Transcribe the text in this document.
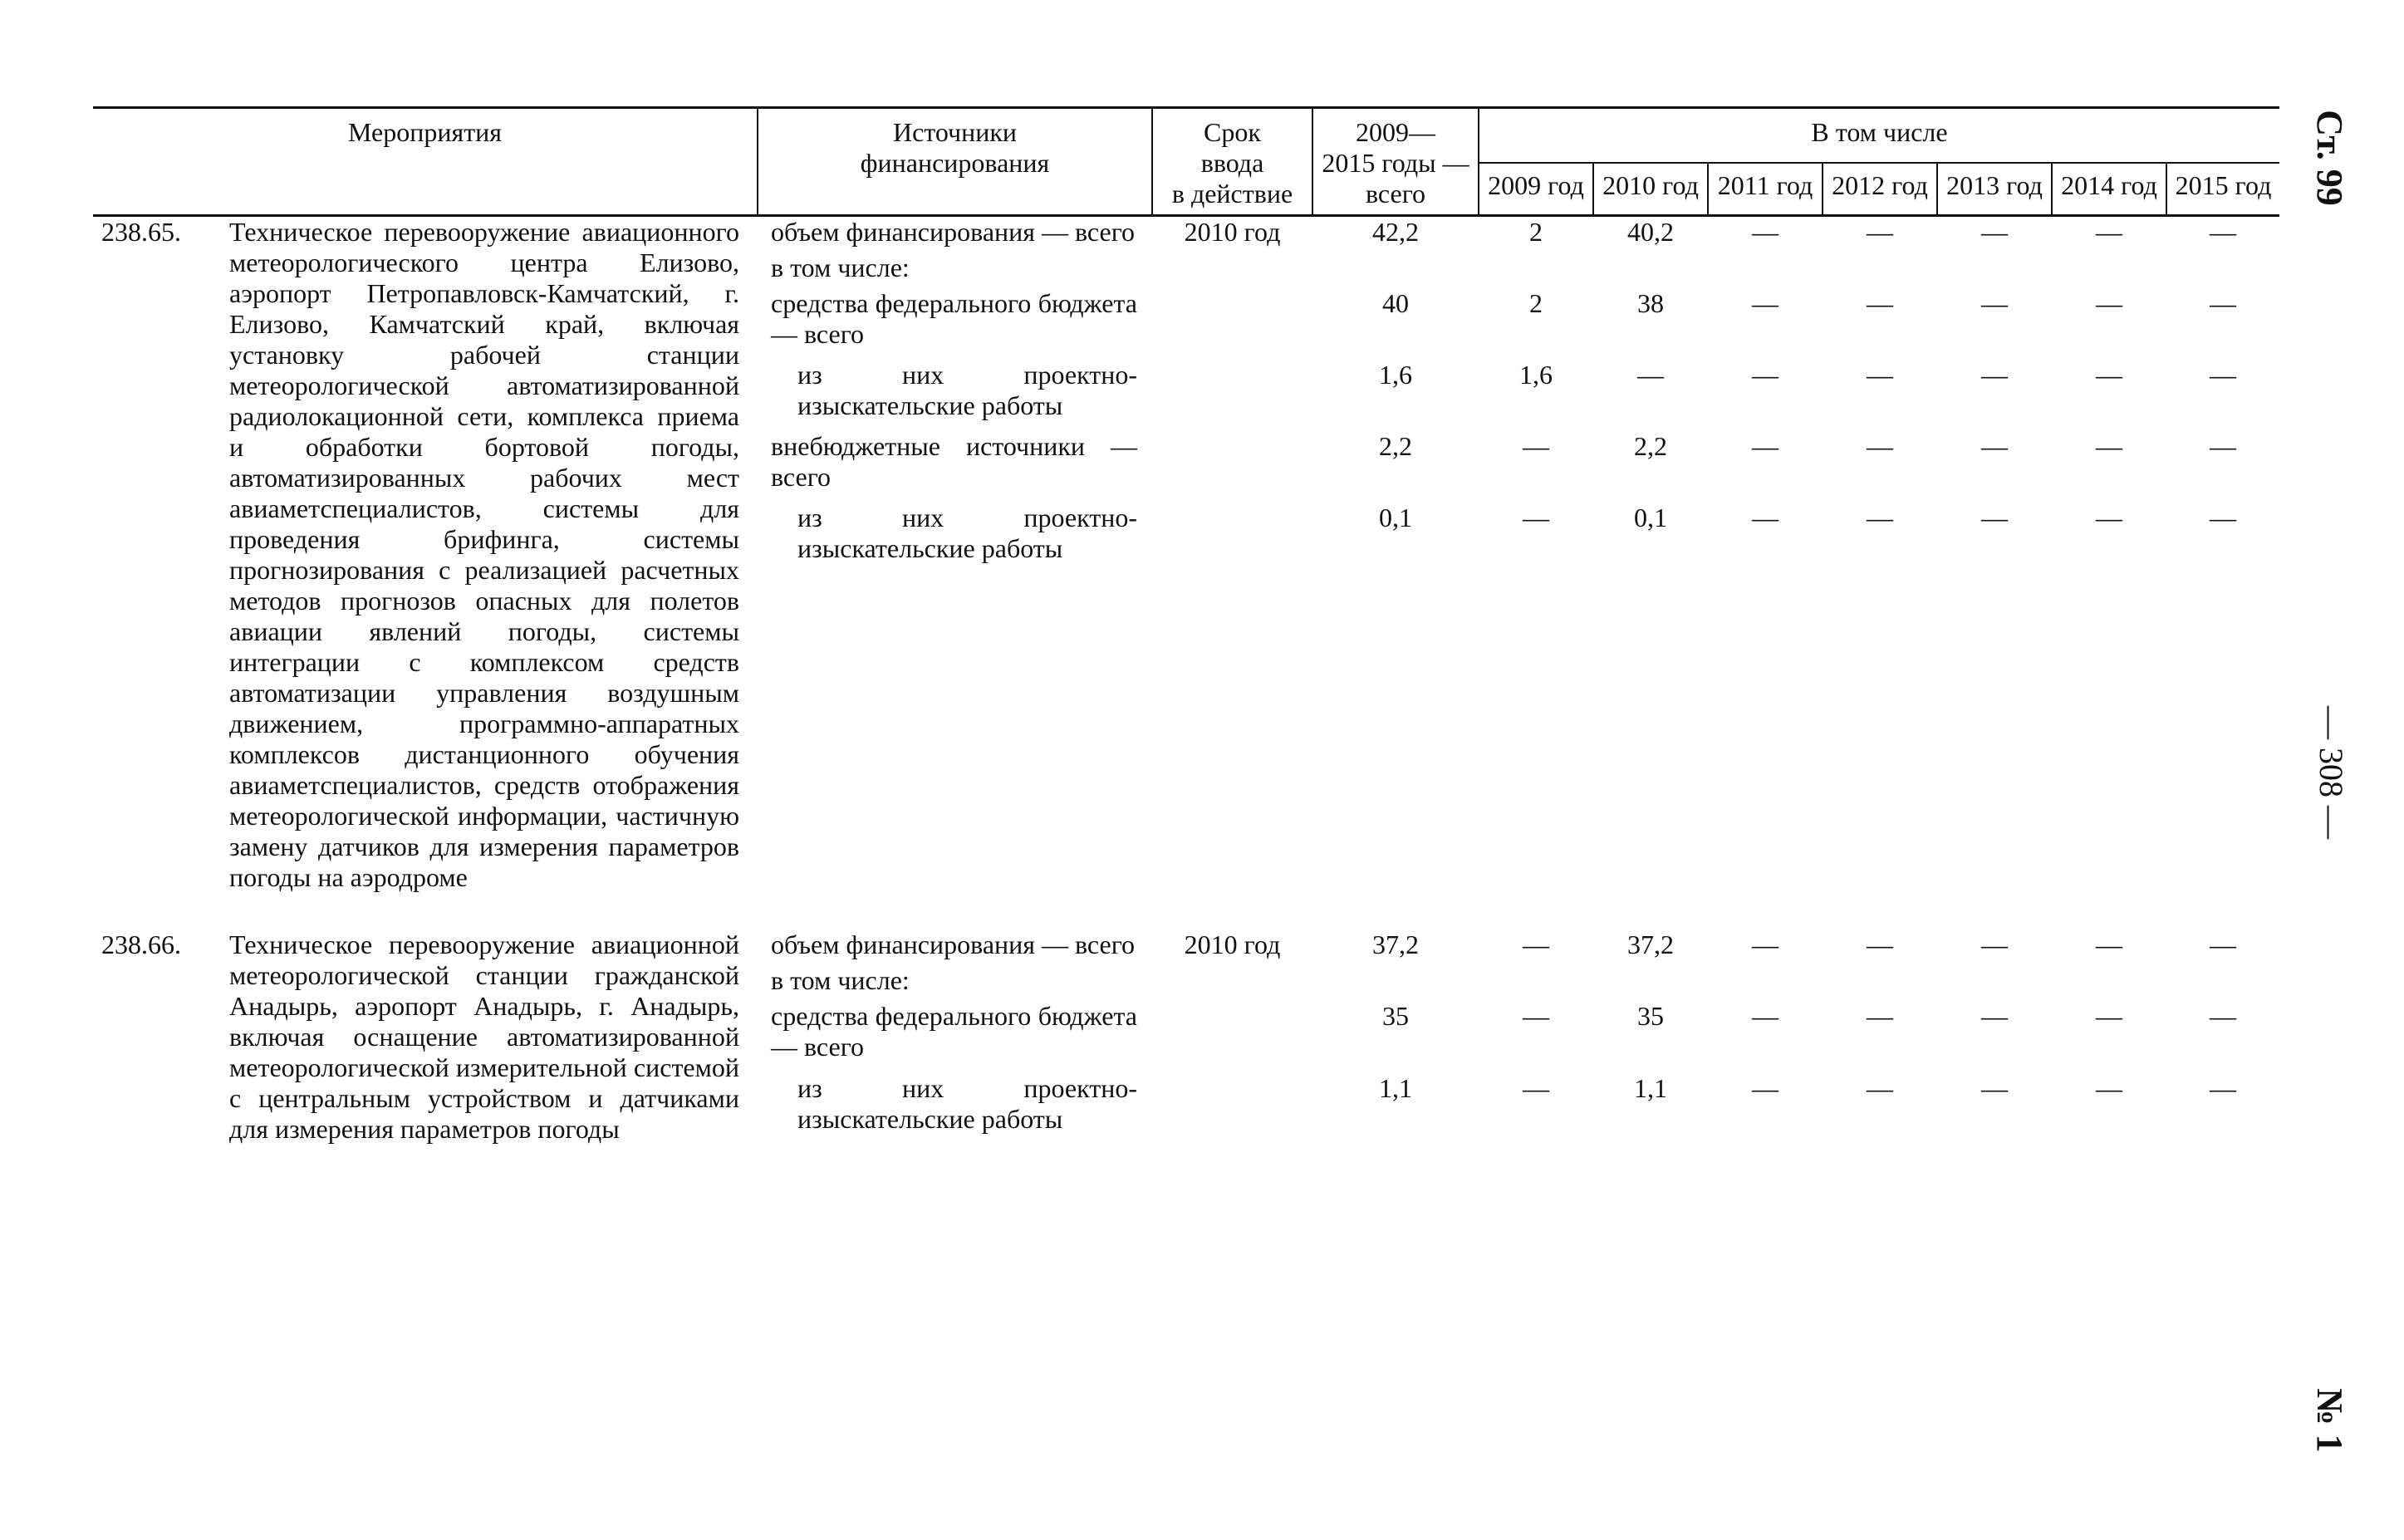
Мероприятия		Источники
финансирования	Срок
ввода
в действие	2009—
2015 годы —
всего	В том числе						
					2009 год	2010 год	2011 год	2012 год	2013 год	2014 год	2015 год
238.65.	Техническое перевооружение авиационного метеорологического центра Елизово, аэропорт Петропавловск-Камчатский, г. Елизово, Камчатский край, включая установку рабочей станции метеорологической автоматизированной радиолокационной сети, комплекса приема и обработки бортовой погоды, автоматизированных рабочих мест авиаметспециалистов, системы для проведения брифинга, системы прогнозирования с реализацией расчетных методов прогнозов опасных для полетов авиации явлений погоды, системы интеграции с комплексом средств автоматизации управления воздушным движением, программно-аппаратных комплексов дистанционного обучения авиаметспециалистов, средств отображения метеорологической информации, частичную замену датчиков для измерения параметров погоды на аэродроме	объем финансирования — всего	2010 год	42,2	2	40,2	—	—	—	—	—
		в том числе:									
		средства федерального бюджета — всего		40	2	38	—	—	—	—	—
		из них проектно-изыскательские работы		1,6	1,6	—	—	—	—	—	—
		внебюджетные источники — всего		2,2	—	2,2	—	—	—	—	—
		из них проектно-изыскательские работы		0,1	—	0,1	—	—	—	—	—

238.66.	Техническое перевооружение авиационной метеорологической станции гражданской Анадырь, аэропорт Анадырь, г. Анадырь, включая оснащение автоматизированной метеорологической измерительной системой с центральным устройством и датчиками для измерения параметров погоды	объем финансирования — всего	2010 год	37,2	—	37,2	—	—	—	—	—
		в том числе:									
		средства федерального бюджета — всего		35	—	35	—	—	—	—	—
		из них проектно-изыскательские работы		1,1	—	1,1	—	—	—	—	—
Ст. 99
— 308 —
№ 1
